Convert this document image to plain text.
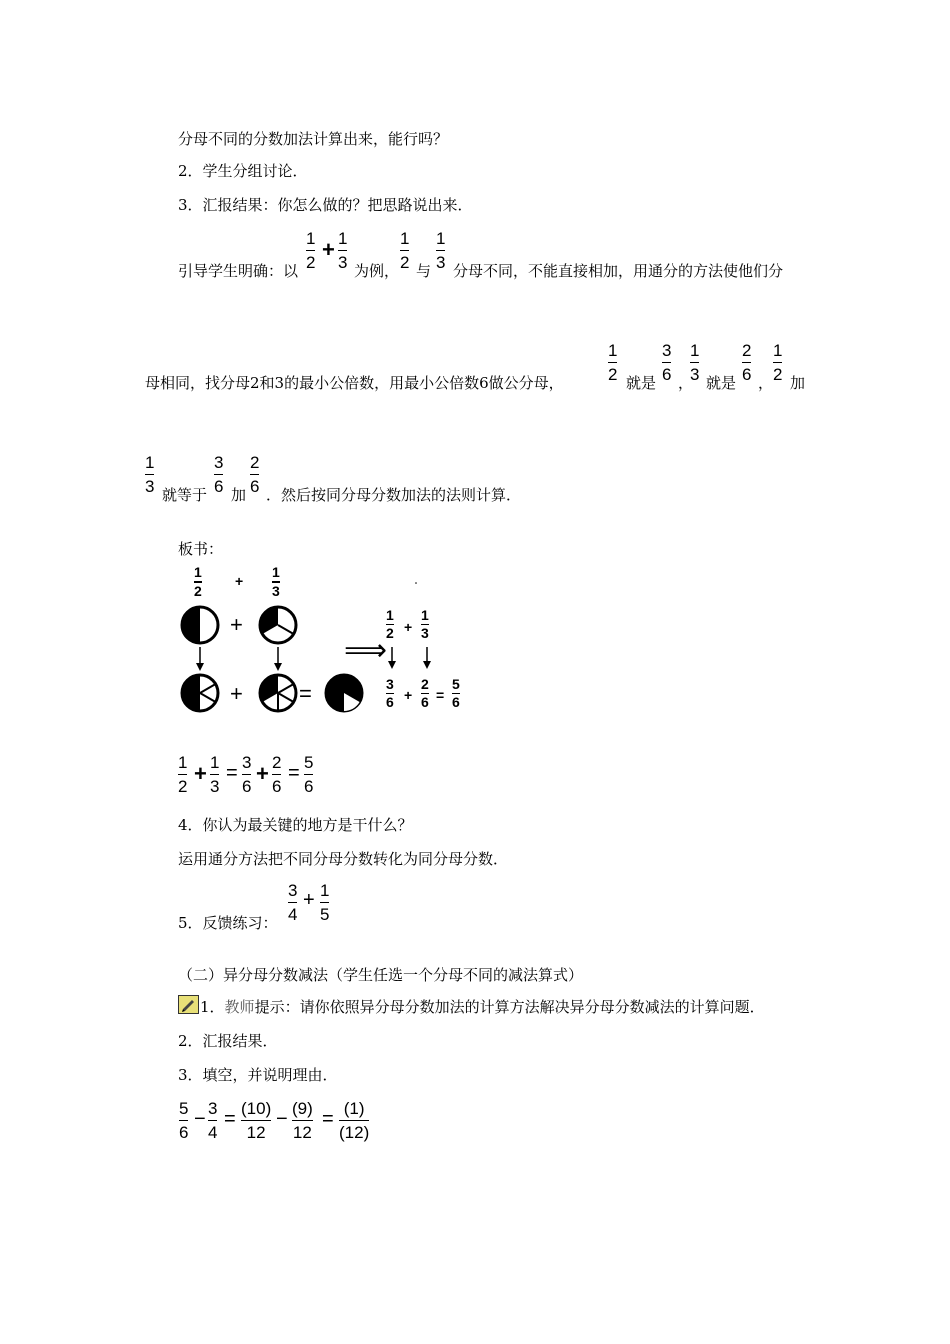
分母不同的分数加法计算出来，能行吗？
2．学生分组讨论．
3．汇报结果：你怎么做的？把思路说出来．
引导学生明确：以
1
2
+ 1
3 为例，
1
2 与
1
3 分母不同，不能直接相加，用通分的方法使他们分
母相同，找分母2和3的最小公倍数，用最小公倍数6做公分母，
1
2 就是
3
6 ，
1
3 就是
2
6 ，
1
2 加
1
3 就等于
3
6 加
2
6 ．然后按同分母分数加法的法则计算．
板书：
1
2
+
1
3
+
+	=
⟹
1
2 +
1
3
3
6 +
2
6 =
5
6
1
2
+ 1
3
= 3
6
+ 2
6
= 5
6
4．你认为最关键的地方是干什么？
运用通分方法把不同分母分数转化为同分母分数．
5．反馈练习：
3
4
+ 1
5
（二）异分母分数减法（学生任选一个分母不同的减法算式）
1．教师提示：请你依照异分母分数加法的计算方法解决异分母分数减法的计算问题．
2．汇报结果．
3．填空，并说明理由．
5
6
− 3
4
= (10)
12
− (9)
12
= (1)
(12)
